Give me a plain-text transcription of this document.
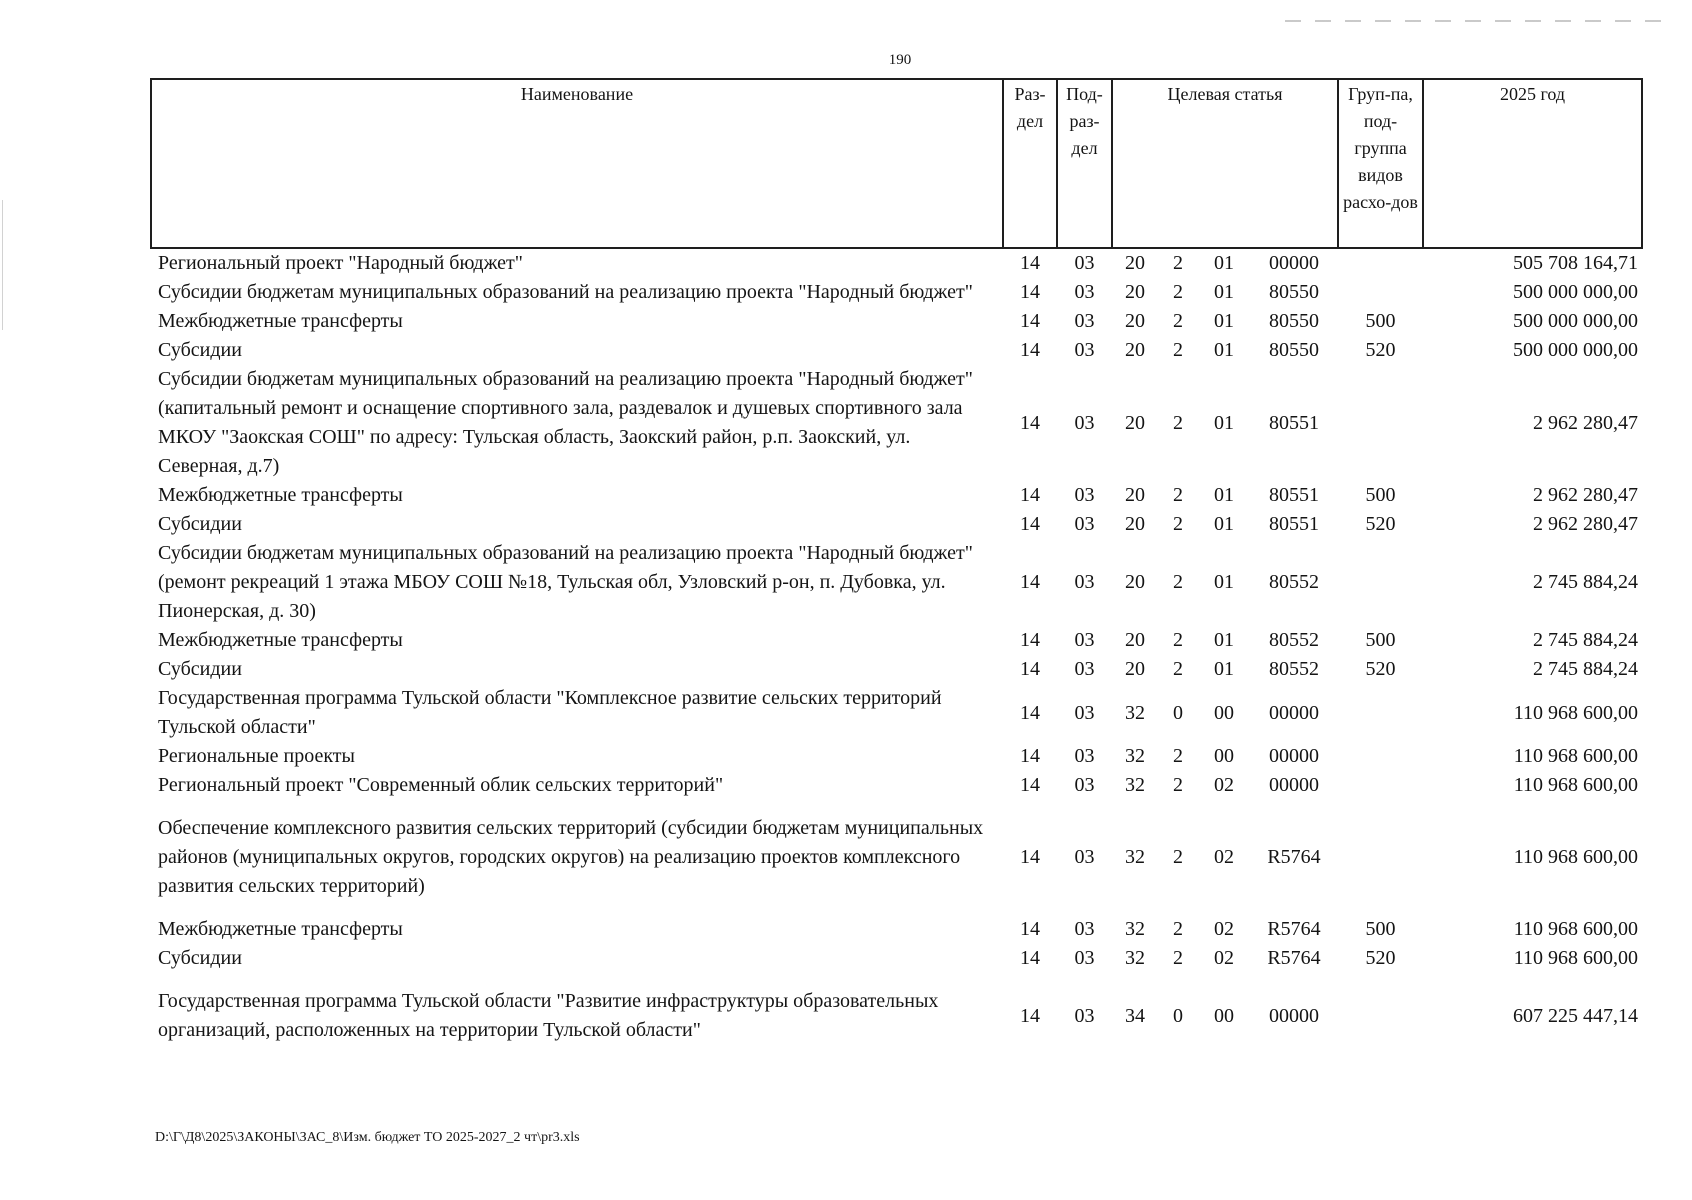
190
Наименование	Раз-дел	Под-раз-дел	Целевая статья				Груп-па, под-группа видов расхо-дов	2025 год
Региональный проект "Народный бюджет"	14	03	20	2	01	00000		505 708 164,71
Субсидии бюджетам муниципальных образований на реализацию проекта "Народный бюджет"	14	03	20	2	01	80550		500 000 000,00
Межбюджетные трансферты	14	03	20	2	01	80550	500	500 000 000,00
Субсидии	14	03	20	2	01	80550	520	500 000 000,00
Субсидии бюджетам муниципальных образований на реализацию проекта "Народный бюджет" (капитальный ремонт и оснащение спортивного зала, раздевалок и душевых спортивного зала МКОУ "Заокская СОШ" по адресу: Тульская область, Заокский район, р.п. Заокский, ул. Северная, д.7)	14	03	20	2	01	80551		2 962 280,47
Межбюджетные трансферты	14	03	20	2	01	80551	500	2 962 280,47
Субсидии	14	03	20	2	01	80551	520	2 962 280,47
Субсидии бюджетам муниципальных образований на реализацию проекта "Народный бюджет" (ремонт рекреаций 1 этажа МБОУ СОШ №18, Тульская обл, Узловский р-он, п. Дубовка, ул. Пионерская, д. 30)	14	03	20	2	01	80552		2 745 884,24
Межбюджетные трансферты	14	03	20	2	01	80552	500	2 745 884,24
Субсидии	14	03	20	2	01	80552	520	2 745 884,24
Государственная программа Тульской области "Комплексное развитие сельских территорий Тульской области"	14	03	32	0	00	00000		110 968 600,00
Региональные проекты	14	03	32	2	00	00000		110 968 600,00
Региональный проект "Современный облик сельских территорий"	14	03	32	2	02	00000		110 968 600,00
Обеспечение комплексного развития сельских территорий (субсидии бюджетам муниципальных районов (муниципальных округов, городских округов) на реализацию проектов комплексного развития сельских территорий)	14	03	32	2	02	R5764		110 968 600,00
Межбюджетные трансферты	14	03	32	2	02	R5764	500	110 968 600,00
Субсидии	14	03	32	2	02	R5764	520	110 968 600,00
Государственная программа Тульской области "Развитие инфраструктуры образовательных организаций, расположенных на территории Тульской области"	14	03	34	0	00	00000		607 225 447,14
D:\Г\Д8\2025\ЗАКОНЫ\ЗАС_8\Изм. бюджет ТО 2025-2027_2 чт\pr3.xls
